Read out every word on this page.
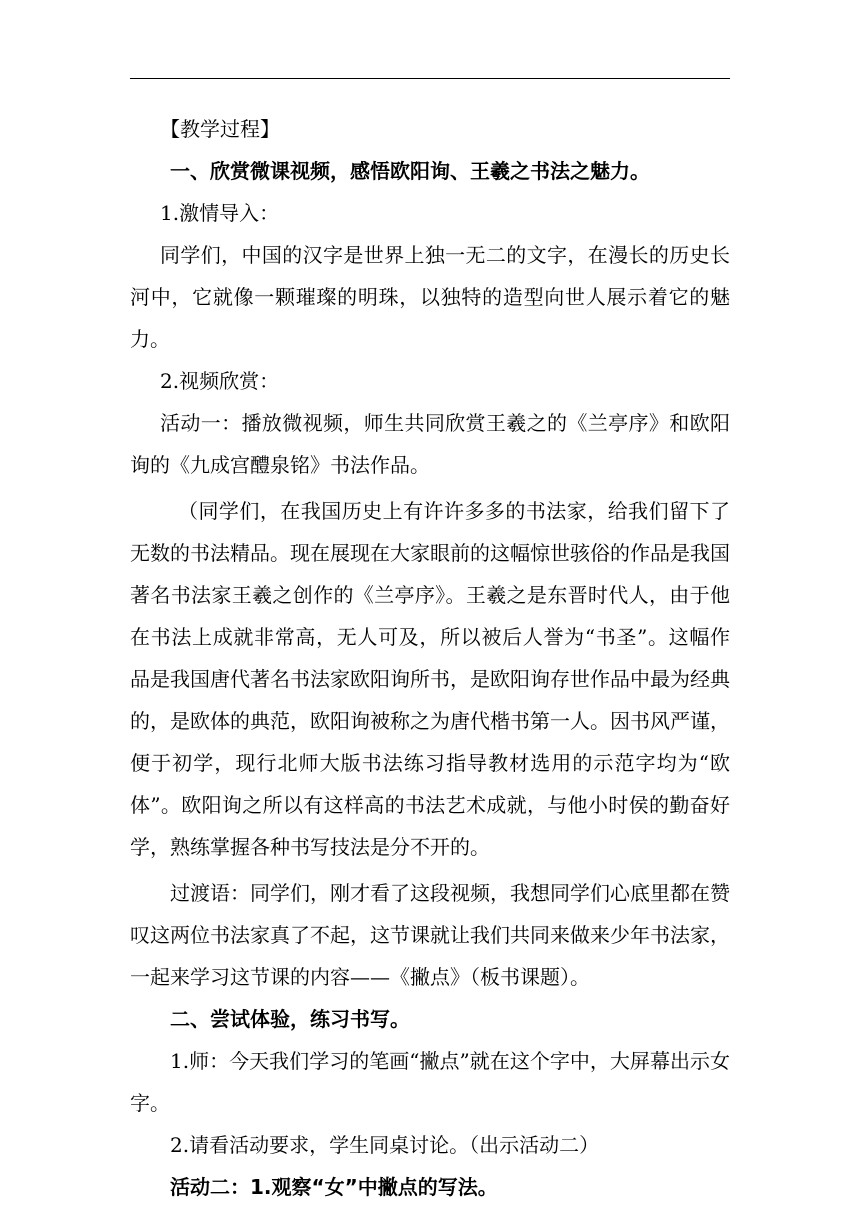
【教学过程】

一、欣赏微课视频，感悟欧阳询、王羲之书法之魅力。

1.激情导入：

同学们，中国的汉字是世界上独一无二的文字，在漫长的历史长河中，它就像一颗璀璨的明珠，以独特的造型向世人展示着它的魅力。

2.视频欣赏：

活动一：播放微视频，师生共同欣赏王羲之的《兰亭序》和欧阳询的《九成宫醴泉铭》书法作品。

（同学们，在我国历史上有许许多多的书法家，给我们留下了无数的书法精品。现在展现在大家眼前的这幅惊世骇俗的作品是我国著名书法家王羲之创作的《兰亭序》。王羲之是东晋时代人，由于他在书法上成就非常高，无人可及，所以被后人誉为“书圣”。这幅作品是我国唐代著名书法家欧阳询所书，是欧阳询存世作品中最为经典的，是欧体的典范，欧阳询被称之为唐代楷书第一人。因书风严谨，便于初学，现行北师大版书法练习指导教材选用的示范字均为“欧体”。欧阳询之所以有这样高的书法艺术成就，与他小时侯的勤奋好学，熟练掌握各种书写技法是分不开的。

过渡语：同学们，刚才看了这段视频，我想同学们心底里都在赞叹这两位书法家真了不起，这节课就让我们共同来做来少年书法家，一起来学习这节课的内容——《撇点》（板书课题）。

二、尝试体验，练习书写。

1.师：今天我们学习的笔画“撇点”就在这个字中，大屏幕出示女字。

2.请看活动要求，学生同桌讨论。（出示活动二）

活动二：1.观察“女”中撇点的写法。
